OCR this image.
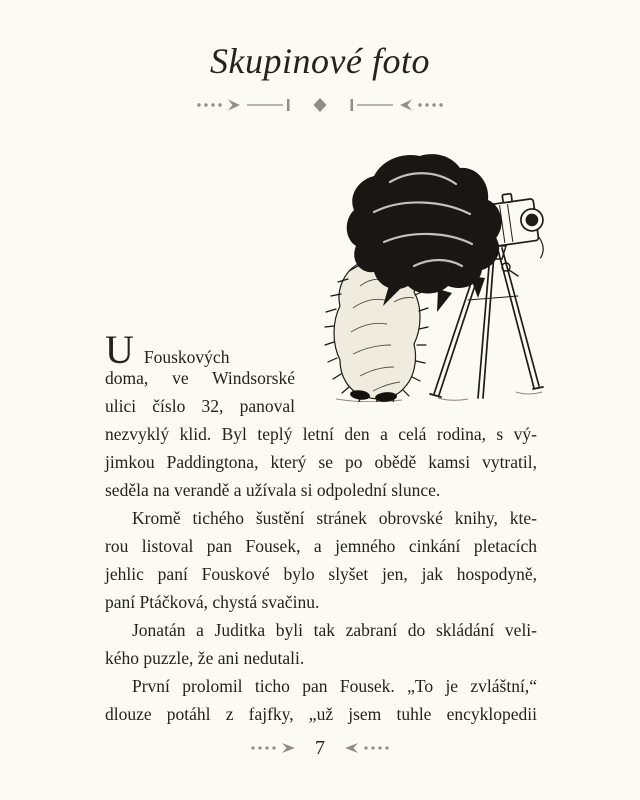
Skupinové foto
U Fouskových
doma, ve Windsorské
ulici číslo 32, panoval
nezvyklý klid. Byl teplý letní den a celá rodina, s vý-
jimkou Paddingtona, který se po obědě kamsi vytratil,
seděla na verandě a užívala si odpolední slunce.
Kromě tichého šustění stránek obrovské knihy, kte-
rou listoval pan Fousek, a jemného cinkání pletacích
jehlic paní Fouskové bylo slyšet jen, jak hospodyně,
paní Ptáčková, chystá svačinu.
Jonatán a Juditka byli tak zabraní do skládání veli-
kého puzzle, že ani nedutali.
První prolomil ticho pan Fousek. „To je zvláštní,“
dlouze potáhl z fajfky, „už jsem tuhle encyklopedii
7
